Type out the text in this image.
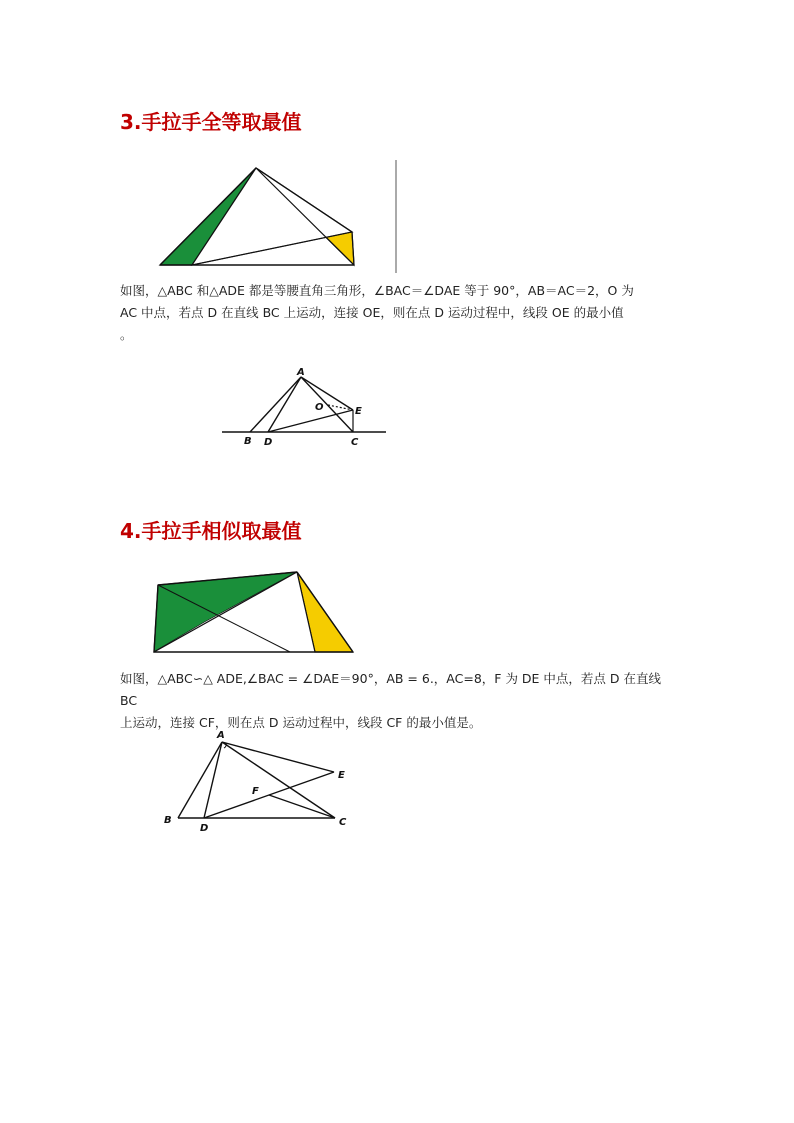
3.手拉手全等取最值
如图，△ABC 和△ADE 都是等腰直角三角形，∠BAC＝∠DAE 等于 90°，AB＝AC＝2，O 为
AC 中点，若点 D 在直线 BC 上运动，连接 OE，则在点 D 运动过程中，线段 OE 的最小值
。
A
O	E
B D	C
4.手拉手相似取最值
如图，△ABC∽△ ADE,∠BAC = ∠DAE＝90°，AB = 6.，AC=8，F 为 DE 中点，若点 D 在直线 BC
上运动，连接 CF，则在点 D 运动过程中，线段 CF 的最小值是。
A
E
F
B
D
C
